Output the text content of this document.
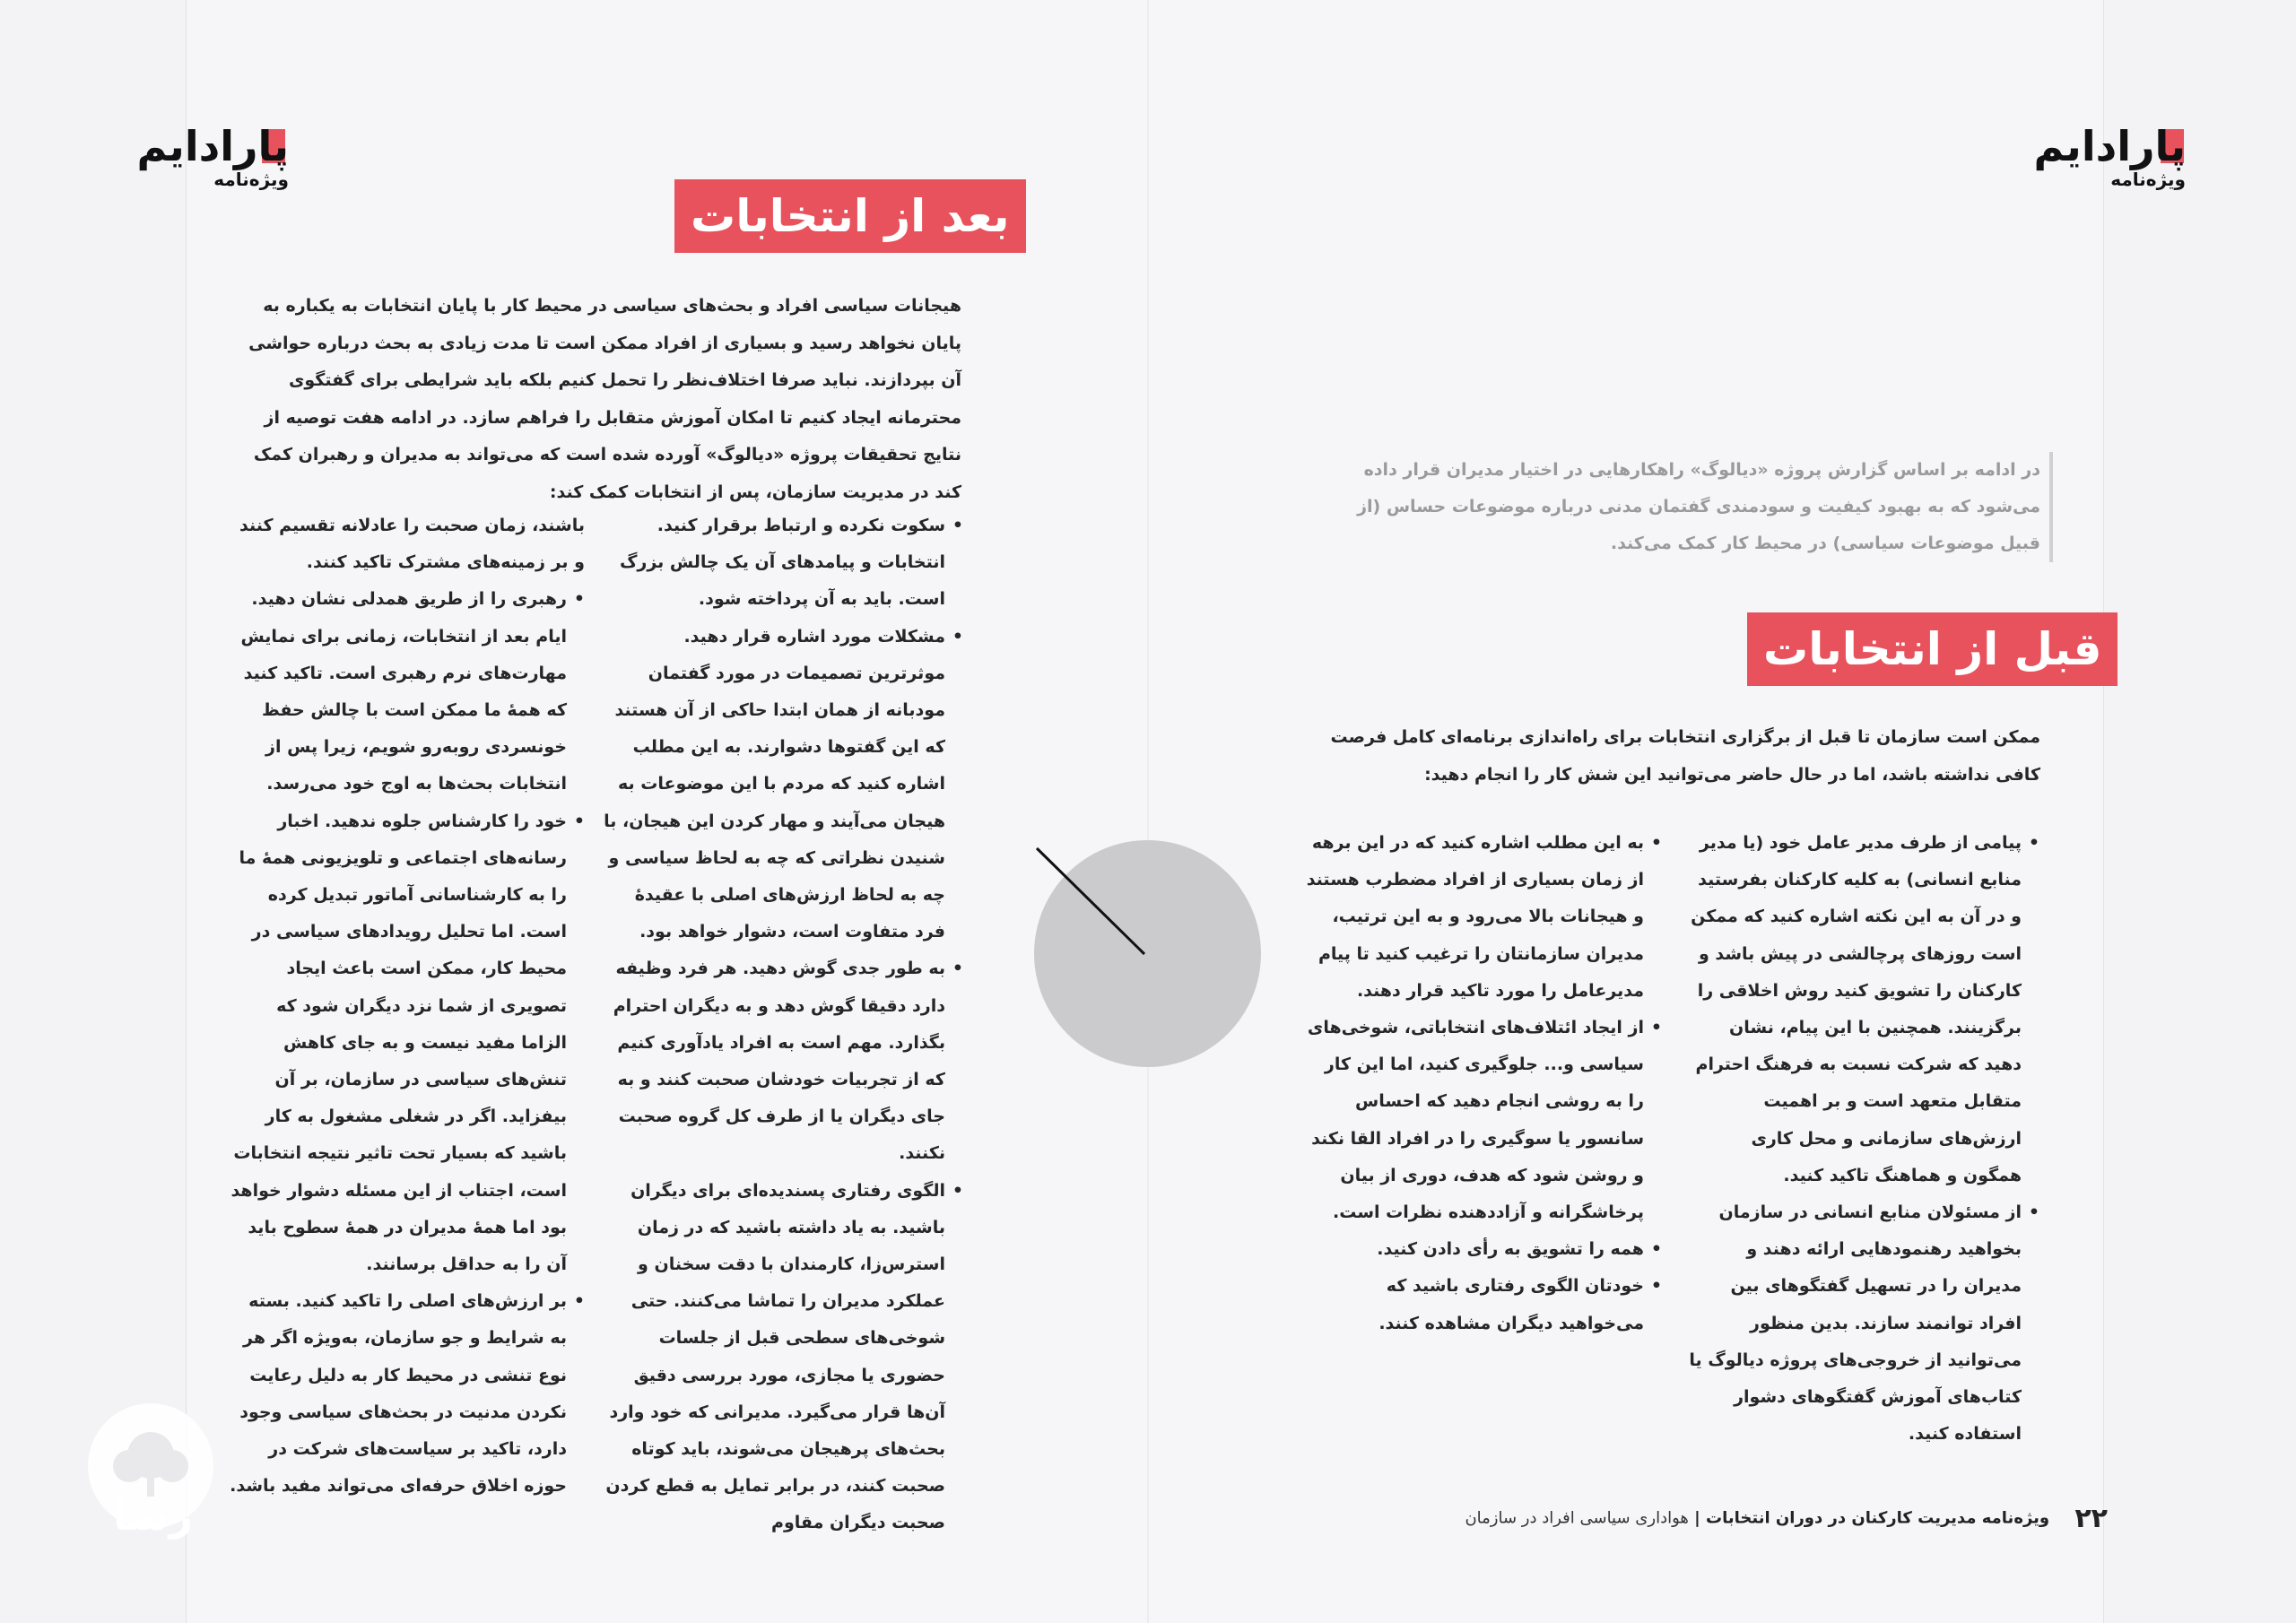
پارادایم
ویژه‌نامه
پارادایم
ویژه‌نامه
بعد از انتخابات

هیجانات سیاسی افراد و بحث‌های سیاسی در محیط کار با پایان انتخابات به یکباره به پایان نخواهد رسید و بسیاری از افراد ممکن است تا مدت زیادی به بحث درباره حواشی آن بپردازند. نباید صرفا اختلاف‌نظر را تحمل کنیم بلکه باید شرایطی برای گفتگوی محترمانه ایجاد کنیم تا امکان آموزش متقابل را فراهم سازد. در ادامه هفت توصیه از نتایج تحقیقات پروژه «دیالوگ» آورده شده است که می‌تواند به مدیران و رهبران کمک کند در مدیریت سازمان، پس از انتخابات کمک کند:

• سکوت نکرده و ارتباط برقرار کنید. انتخابات و پیامدهای آن یک چالش بزرگ است. باید به آن پرداخته شود.
• مشکلات مورد اشاره قرار دهید. موثرترین تصمیمات در مورد گفتمان مودبانه از همان ابتدا حاکی از آن هستند که این گفتوها دشوارند. به این مطلب اشاره کنید که مردم با این موضوعات به هیجان می‌آیند و مهار کردن این هیجان، با شنیدن نظراتی که چه به لحاظ سیاسی و چه به لحاظ ارزش‌های اصلی با عقیدهٔ فرد متفاوت است، دشوار خواهد بود.
• به طور جدی گوش دهید. هر فرد وظیفه دارد دقیقا گوش دهد و به دیگران احترام بگذارد. مهم است به افراد یادآوری کنیم که از تجربیات خودشان صحبت کنند و به جای دیگران یا از طرف کل گروه صحبت نکنند.
• الگوی رفتاری پسندیده‌ای برای دیگران باشید. به یاد داشته باشید که در زمان استرس‌زا، کارمندان با دقت سخنان و عملکرد مدیران را تماشا می‌کنند. حتی شوخی‌های سطحی قبل از جلسات حضوری یا مجازی، مورد بررسی دقیق آن‌ها قرار می‌گیرد. مدیرانی که خود وارد بحث‌های پرهیجان می‌شوند، باید کوتاه صحبت کنند، در برابر تمایل به قطع کردن صحبت دیگران مقاوم

باشند، زمان صحبت را عادلانه تقسیم کنند و بر زمینه‌های مشترک تاکید کنند.

• رهبری را از طریق همدلی نشان دهید. ایام بعد از انتخابات، زمانی برای نمایش مهارت‌های نرم رهبری است. تاکید کنید که همهٔ ما ممکن است با چالش حفظ خونسردی روبه‌رو شویم، زیرا پس از انتخابات بحث‌ها به اوج خود می‌رسد.
• خود را کارشناس جلوه ندهید. اخبار رسانه‌های اجتماعی و تلویزیونی همهٔ ما را به کارشناسانی آماتور تبدیل کرده است. اما تحلیل رویدادهای سیاسی در محیط کار، ممکن است باعث ایجاد تصویری از شما نزد دیگران شود که الزاما مفید نیست و به جای کاهش تنش‌های سیاسی در سازمان، بر آن بیفزاید. اگر در شغلی مشغول به کار باشید که بسیار تحت تاثیر نتیجه انتخابات است، اجتناب از این مسئله دشوار خواهد بود اما همهٔ مدیران در همهٔ سطوح باید آن را به حداقل برسانند.
• بر ارزش‌های اصلی را تاکید کنید. بسته به شرایط و جو سازمان، به‌ویژه اگر هر نوع تنشی در محیط کار به دلیل رعایت نکردن مدنیت در بحث‌های سیاسی وجود دارد، تاکید بر سیاست‌های شرکت در حوزه اخلاق حرفه‌ای می‌تواند مفید باشد.
در ادامه بر اساس گزارش پروژه «دیالوگ» راهکارهایی در اختیار مدیران قرار داده می‌شود که به بهبود کیفیت و سودمندی گفتمان مدنی درباره موضوعات حساس (از قبیل موضوعات سیاسی) در محیط کار کمک می‌کند.
قبل از انتخابات

ممکن است سازمان تا قبل از برگزاری انتخابات برای راه‌اندازی برنامه‌ای کامل فرصت کافی نداشته باشد، اما در حال حاضر می‌توانید این شش کار را انجام دهید:

• پیامی از طرف مدیر عامل خود (یا مدیر منابع انسانی) به کلیه کارکنان بفرستید و در آن به این نکته اشاره کنید که ممکن است روزهای پرچالشی در پیش باشد و کارکنان را تشویق کنید روش اخلاقی را برگزینند. همچنین با این پیام، نشان دهید که شرکت نسبت به فرهنگ احترام متقابل متعهد است و بر اهمیت ارزش‌های سازمانی و محل کاری همگون و هماهنگ تاکید کنید.
• از مسئولان منابع انسانی در سازمان بخواهید رهنمودهایی ارائه دهند و مدیران را در تسهیل گفتگوهای بین افراد توانمند سازند. بدین منظور می‌توانید از خروجی‌های پروژه دیالوگ یا کتاب‌های آموزش گفتگوهای دشوار استفاده کنید.
• به این مطلب اشاره کنید که در این برهه از زمان بسیاری از افراد مضطرب هستند و هیجانات بالا می‌رود و به این ترتیب، مدیران سازمانتان را ترغیب کنید تا پیام مدیرعامل را مورد تاکید قرار دهند.
• از ایجاد ائتلاف‌های انتخاباتی، شوخی‌های سیاسی و... جلوگیری کنید، اما این کار را به روشی انجام دهید که احساس سانسور یا سوگیری را در افراد القا نکند و روشن شود که هدف، دوری از بیان پرخاشگرانه و آزاددهنده نظرات است.
• همه را تشویق به رأی دادن کنید.
• خودتان الگوی رفتاری باشید که می‌خواهید دیگران مشاهده کنند.
۲۲ ویژه‌نامه مدیریت کارکنان در دوران انتخابات | هواداری سیاسی افراد در سازمان
رسا
